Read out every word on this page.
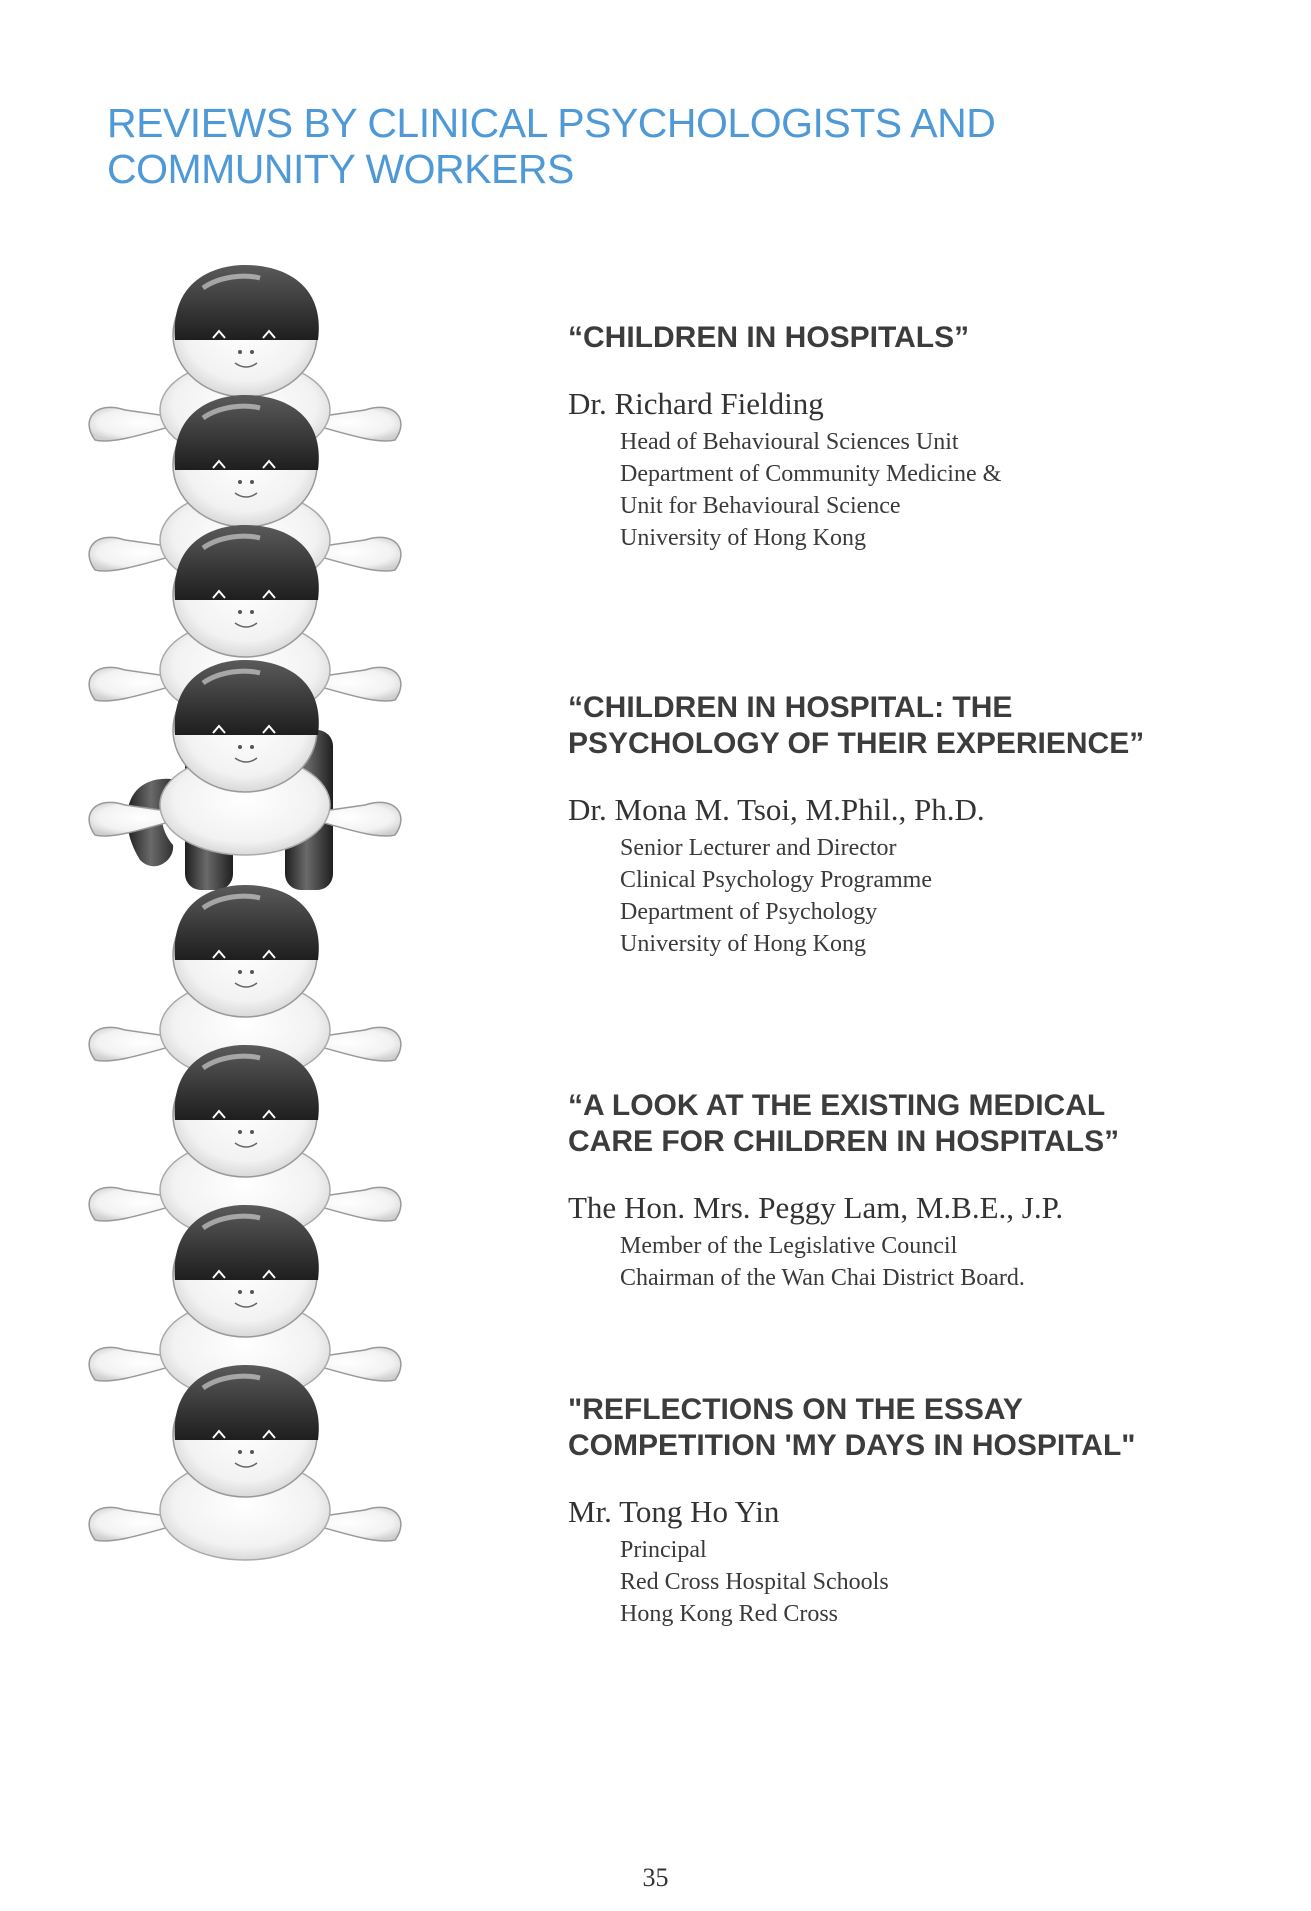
REVIEWS BY CLINICAL PSYCHOLOGISTS AND
COMMUNITY WORKERS
“CHILDREN IN HOSPITALS”
Dr. Richard Fielding
Head of Behavioural Sciences Unit
Department of Community Medicine &
Unit for Behavioural Science
University of Hong Kong
“CHILDREN IN HOSPITAL: THE
PSYCHOLOGY OF THEIR EXPERIENCE”
Dr. Mona M. Tsoi, M.Phil., Ph.D.
Senior Lecturer and Director
Clinical Psychology Programme
Department of Psychology
University of Hong Kong
“A LOOK AT THE EXISTING MEDICAL
CARE FOR CHILDREN IN HOSPITALS”
The Hon. Mrs. Peggy Lam, M.B.E., J.P.
Member of the Legislative Council
Chairman of the Wan Chai District Board.
"REFLECTIONS ON THE ESSAY
COMPETITION 'MY DAYS IN HOSPITAL"
Mr. Tong Ho Yin
Principal
Red Cross Hospital Schools
Hong Kong Red Cross
35
